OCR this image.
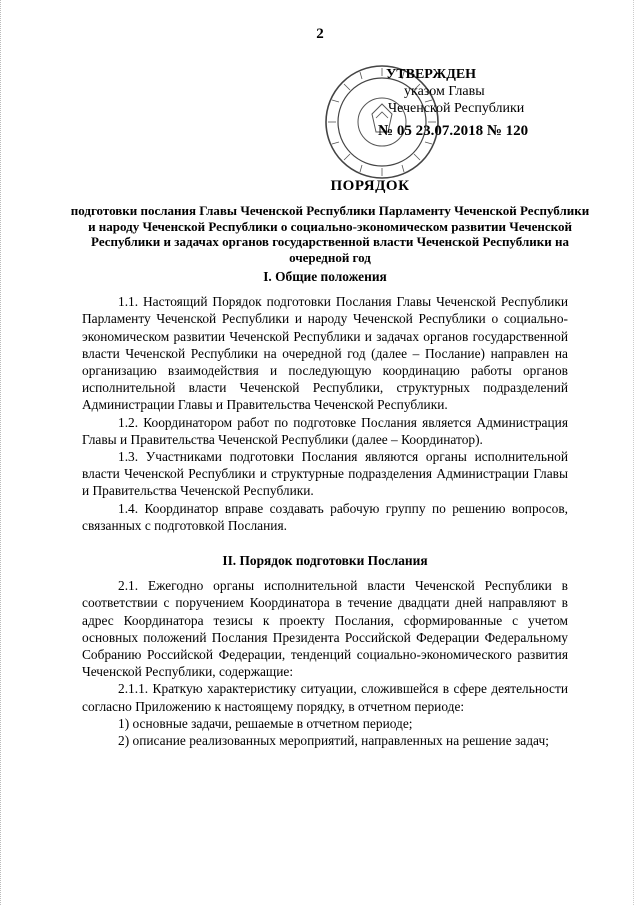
2
УТВЕРЖДЕН
указом Главы
Чеченской Республики
№ 05 23.07.2018 № 120
ПОРЯДОК
подготовки послания Главы Чеченской Республики Парламенту Чеченской Республики и народу Чеченской Республики о социально-экономическом развитии Чеченской Республики и задачах органов государственной власти Чеченской Республики на очередной год
I. Общие положения

1.1. Настоящий Порядок подготовки Послания Главы Чеченской Республики Парламенту Чеченской Республики и народу Чеченской Республики о социально-экономическом развитии Чеченской Республики и задачах органов государственной власти Чеченской Республики на очередной год (далее – Послание) направлен на организацию взаимодействия и последующую координацию работы органов исполнительной власти Чеченской Республики, структурных подразделений Администрации Главы и Правительства Чеченской Республики.

1.2. Координатором работ по подготовке Послания является Администрация Главы и Правительства Чеченской Республики (далее – Координатор).

1.3. Участниками подготовки Послания являются органы исполнительной власти Чеченской Республики и структурные подразделения Администрации Главы и Правительства Чеченской Республики.

1.4. Координатор вправе создавать рабочую группу по решению вопросов, связанных с подготовкой Послания.

II. Порядок подготовки Послания

2.1. Ежегодно органы исполнительной власти Чеченской Республики в соответствии с поручением Координатора в течение двадцати дней направляют в адрес Координатора тезисы к проекту Послания, сформированные с учетом основных положений Послания Президента Российской Федерации Федеральному Собранию Российской Федерации, тенденций социально-экономического развития Чеченской Республики, содержащие:

2.1.1. Краткую характеристику ситуации, сложившейся в сфере деятельности согласно Приложению к настоящему порядку, в отчетном периоде:

1) основные задачи, решаемые в отчетном периоде;

2) описание реализованных мероприятий, направленных на решение задач;
